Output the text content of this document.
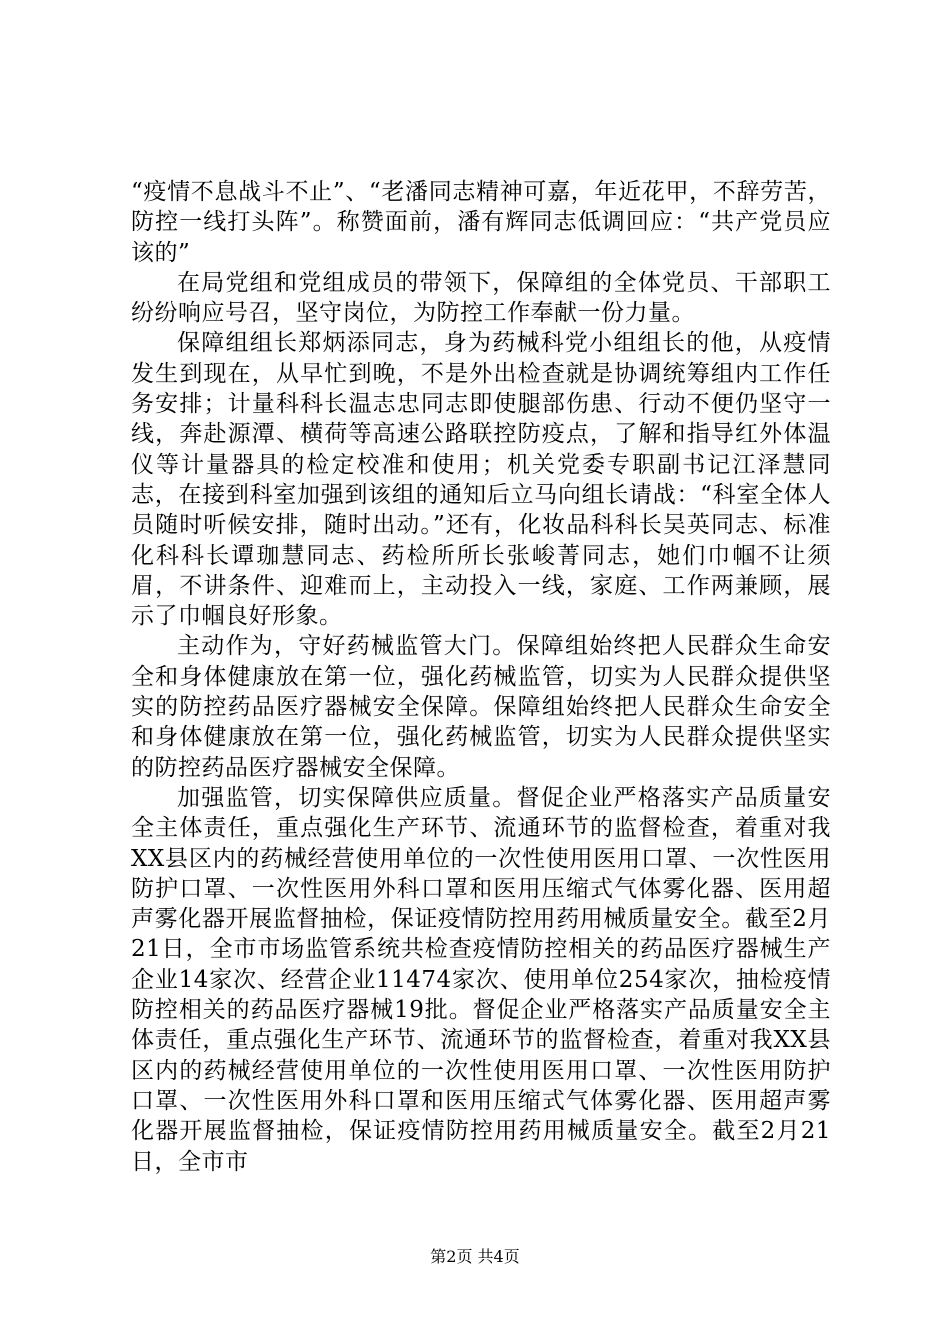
“疫情不息战斗不止”、“老潘同志精神可嘉，年近花甲，不辞劳苦，防控一线打头阵”。称赞面前，潘有辉同志低调回应：“共产党员应该的”

在局党组和党组成员的带领下，保障组的全体党员、干部职工纷纷响应号召，坚守岗位，为防控工作奉献一份力量。

保障组组长郑炳添同志，身为药械科党小组组长的他，从疫情发生到现在，从早忙到晚，不是外出检查就是协调统筹组内工作任务安排；计量科科长温志忠同志即使腿部伤患、行动不便仍坚守一线，奔赴源潭、横荷等高速公路联控防疫点，了解和指导红外体温仪等计量器具的检定校准和使用；机关党委专职副书记江泽慧同志，在接到科室加强到该组的通知后立马向组长请战：“科室全体人员随时听候安排，随时出动。”还有，化妆品科科长吴英同志、标准化科科长谭珈慧同志、药检所所长张峻菁同志，她们巾帼不让须眉，不讲条件、迎难而上，主动投入一线，家庭、工作两兼顾，展示了巾帼良好形象。

主动作为，守好药械监管大门。保障组始终把人民群众生命安全和身体健康放在第一位，强化药械监管，切实为人民群众提供坚实的防控药品医疗器械安全保障。保障组始终把人民群众生命安全和身体健康放在第一位，强化药械监管，切实为人民群众提供坚实的防控药品医疗器械安全保障。

加强监管，切实保障供应质量。督促企业严格落实产品质量安全主体责任，重点强化生产环节、流通环节的监督检查，着重对我XX县区内的药械经营使用单位的一次性使用医用口罩、一次性医用防护口罩、一次性医用外科口罩和医用压缩式气体雾化器、医用超声雾化器开展监督抽检，保证疫情防控用药用械质量安全。截至2月21日，全市市场监管系统共检查疫情防控相关的药品医疗器械生产企业14家次、经营企业11474家次、使用单位254家次，抽检疫情防控相关的药品医疗器械19批。督促企业严格落实产品质量安全主体责任，重点强化生产环节、流通环节的监督检查，着重对我XX县区内的药械经营使用单位的一次性使用医用口罩、一次性医用防护口罩、一次性医用外科口罩和医用压缩式气体雾化器、医用超声雾化器开展监督抽检，保证疫情防控用药用械质量安全。截至2月21日，全市市

第2页 共4页
